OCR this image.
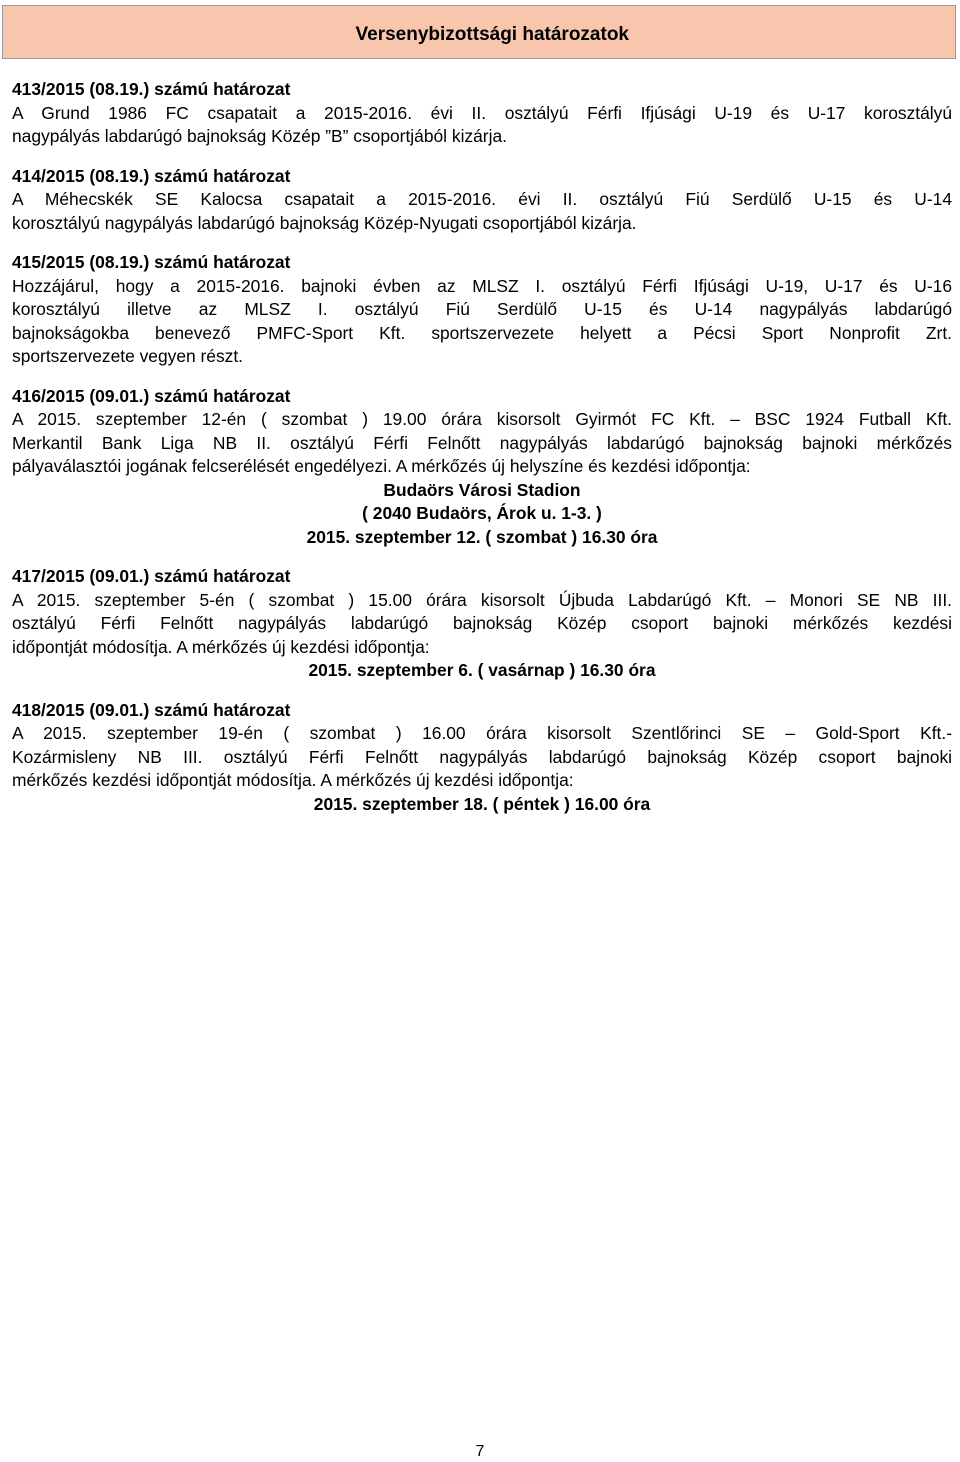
Versenybizottsági határozatok
413/2015 (08.19.) számú határozat
A Grund 1986 FC csapatait a 2015-2016. évi II. osztályú Férfi Ifjúsági U-19 és U-17 korosztályú
nagypályás labdarúgó bajnokság Közép ”B” csoportjából kizárja.
414/2015 (08.19.) számú határozat
A Méhecskék SE Kalocsa csapatait a 2015-2016. évi II. osztályú Fiú Serdülő U-15 és U-14
korosztályú nagypályás labdarúgó bajnokság Közép-Nyugati csoportjából kizárja.
415/2015 (08.19.) számú határozat
Hozzájárul, hogy a 2015-2016. bajnoki évben az MLSZ I. osztályú Férfi Ifjúsági U-19, U-17 és U-16
korosztályú illetve az MLSZ I. osztályú Fiú Serdülő U-15 és U-14 nagypályás labdarúgó
bajnokságokba benevező PMFC-Sport Kft. sportszervezete helyett a Pécsi Sport Nonprofit Zrt.
sportszervezete vegyen részt.
416/2015 (09.01.) számú határozat
A 2015. szeptember 12-én ( szombat ) 19.00 órára kisorsolt Gyirmót FC Kft. – BSC 1924 Futball Kft.
Merkantil Bank Liga NB II. osztályú Férfi Felnőtt nagypályás labdarúgó bajnokság bajnoki mérkőzés
pályaválasztói jogának felcserélését engedélyezi. A mérkőzés új helyszíne és kezdési időpontja:
Budaörs Városi Stadion
( 2040 Budaörs, Árok u. 1-3. )
2015. szeptember 12. ( szombat ) 16.30 óra
417/2015 (09.01.) számú határozat
A 2015. szeptember 5-én ( szombat ) 15.00 órára kisorsolt Újbuda Labdarúgó Kft. – Monori SE NB III.
osztályú Férfi Felnőtt nagypályás labdarúgó bajnokság Közép csoport bajnoki mérkőzés kezdési
időpontját módosítja. A mérkőzés új kezdési időpontja:
2015. szeptember 6. ( vasárnap ) 16.30 óra
418/2015 (09.01.) számú határozat
A 2015. szeptember 19-én ( szombat ) 16.00 órára kisorsolt Szentlőrinci SE – Gold-Sport Kft.-
Kozármisleny NB III. osztályú Férfi Felnőtt nagypályás labdarúgó bajnokság Közép csoport bajnoki
mérkőzés kezdési időpontját módosítja. A mérkőzés új kezdési időpontja:
2015. szeptember 18. ( péntek ) 16.00 óra
7
